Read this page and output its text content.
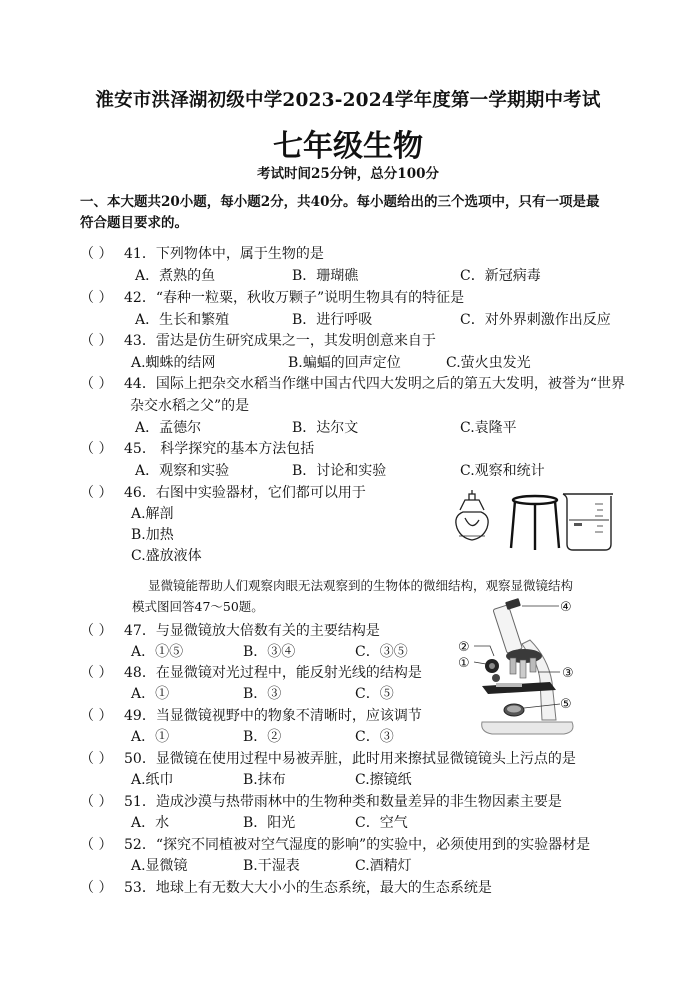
淮安市洪泽湖初级中学2023-2024学年度第一学期期中考试
七年级生物
考试时间25分钟，总分100分
一、本大题共20小题，每小题2分，共40分。每小题给出的三个选项中，只有一项是最
符合题目要求的。
（ ） 41．下列物体中，属于生物的是
A．煮熟的鱼	B．珊瑚礁	C．新冠病毒
（ ） 42．“春种一粒粟，秋收万颗子”说明生物具有的特征是
A．生长和繁殖	B．进行呼吸	C．对外界刺激作出反应
（ ） 43．雷达是仿生研究成果之一，其发明创意来自于
A.蜘蛛的结网	B.蝙蝠的回声定位	C.萤火虫发光
（ ） 44．国际上把杂交水稻当作继中国古代四大发明之后的第五大发明，被誉为“世界
杂交水稻之父”的是
A．孟德尔	B．达尔文	C.袁隆平
（ ） 45． 科学探究的基本方法包括
A．观察和实验	B．讨论和实验	C.观察和统计
（ ） 46．右图中实验器材，它们都可以用于
A.解剖
B.加热
C.盛放液体
显微镜能帮助人们观察肉眼无法观察到的生物体的微细结构，观察显微镜结构
模式图回答47～50题。
（ ） 47．与显微镜放大倍数有关的主要结构是
A．①⑤	B．③④	C．③⑤
（ ） 48．在显微镜对光过程中，能反射光线的结构是
A．①	B．③	C．⑤
（ ） 49．当显微镜视野中的物象不清晰时，应该调节
A．①	B．②	C．③
④
②
①
③
⑤
（ ） 50．显微镜在使用过程中易被弄脏，此时用来擦拭显微镜镜头上污点的是
A.纸巾	B.抹布	C.擦镜纸
（ ） 51．造成沙漠与热带雨林中的生物种类和数量差异的非生物因素主要是
A．水	B．阳光	C．空气
（ ） 52．“探究不同植被对空气湿度的影响”的实验中，必须使用到的实验器材是
A.显微镜	B.干湿表	C.酒精灯
（ ） 53．地球上有无数大大小小的生态系统，最大的生态系统是
